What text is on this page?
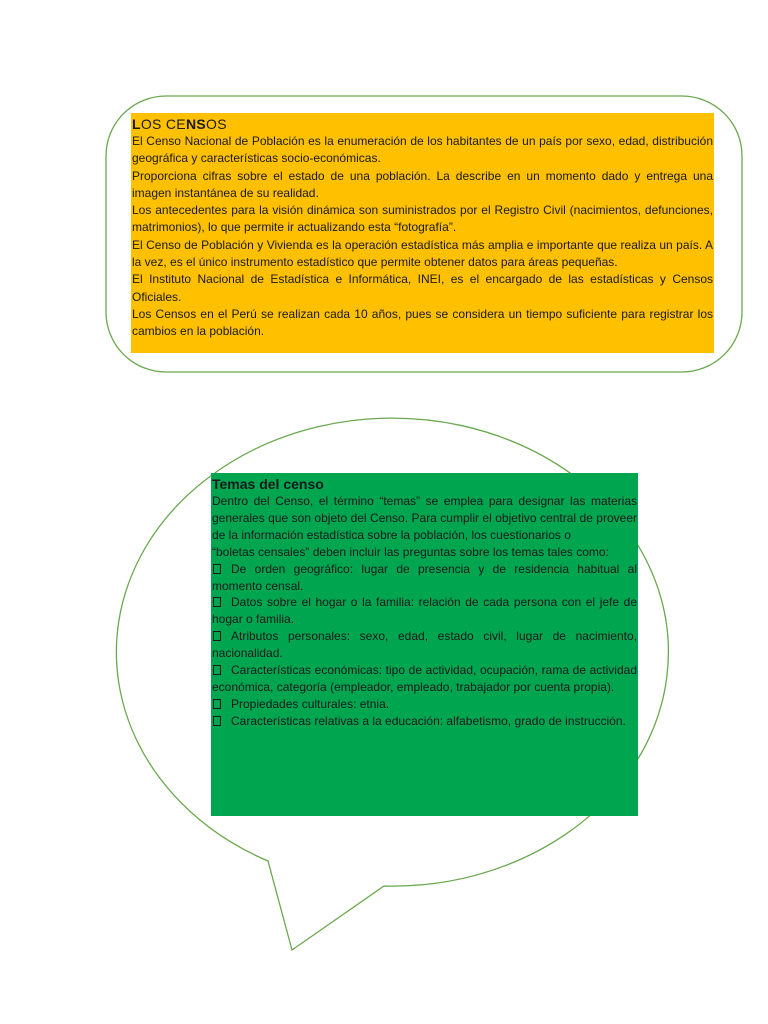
LOS CENSOS
El Censo Nacional de Población es la enumeración de los habitantes de un país por sexo, edad, distribución geográfica y características socio-económicas.
Proporciona cifras sobre el estado de una población. La describe en un momento dado y entrega una imagen instantánea de su realidad.
Los antecedentes para la visión dinámica son suministrados por el Registro Civil (nacimientos, defunciones, matrimonios), lo que permite ir actualizando esta “fotografía”.
El Censo de Población y Vivienda es la operación estadística más amplia e importante que realiza un país. A la vez, es el único instrumento estadístico que permite obtener datos para áreas pequeñas.
El Instituto Nacional de Estadística e Informática, INEI, es el encargado de las estadísticas y Censos Oficiales.
Los Censos en el Perú se realizan cada 10 años, pues se considera un tiempo suficiente para registrar los cambios en la población.
Temas del censo
Dentro del Censo, el término “temas” se emplea para designar las materias generales que son objeto del Censo. Para cumplir el objetivo central de proveer de la información estadística sobre la población, los cuestionarios o
“boletas censales” deben incluir las preguntas sobre los temas tales como:
De orden geográfico: lugar de presencia y de residencia habitual al momento censal.
Datos sobre el hogar o la familia: relación de cada persona con el jefe de hogar o familia.
Atributos personales: sexo, edad, estado civil, lugar de nacimiento, nacionalidad.
Características económicas: tipo de actividad, ocupación, rama de actividad económica, categoría (empleador, empleado, trabajador por cuenta propia).
Propiedades culturales: etnia.
Características relativas a la educación: alfabetismo, grado de instrucción.
